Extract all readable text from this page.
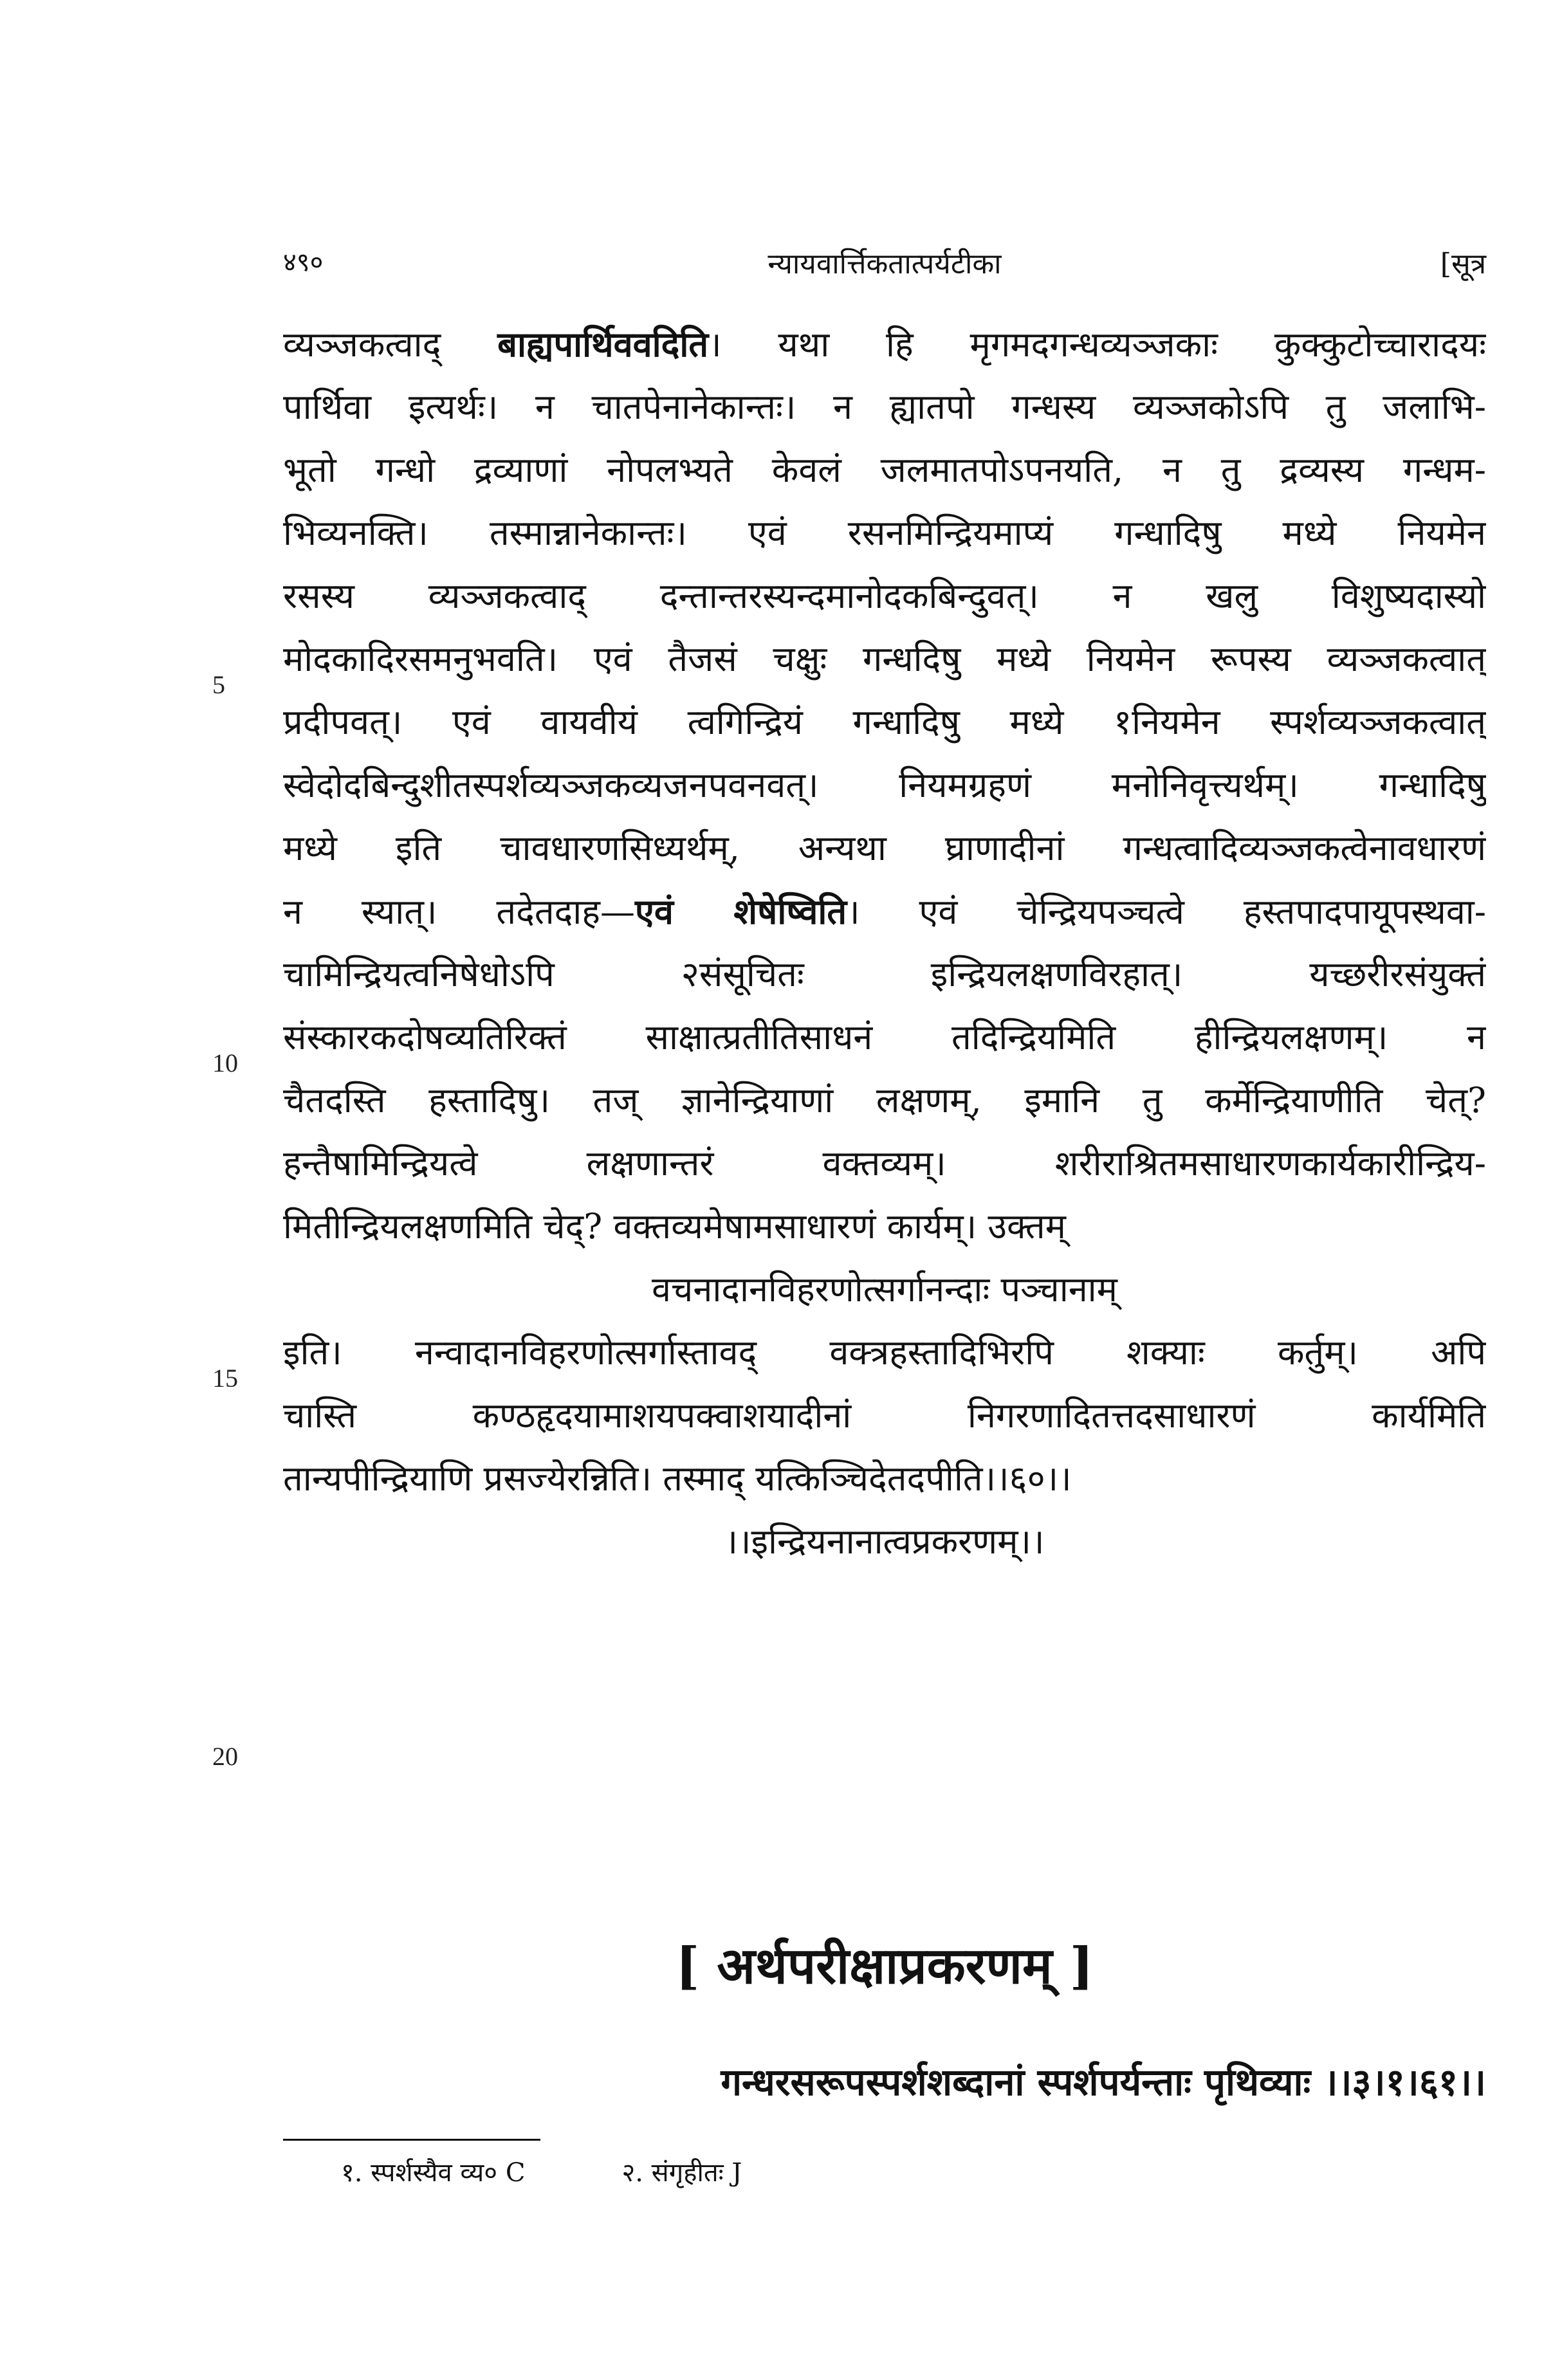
४९०	न्यायवार्त्तिकतात्पर्यटीका	[सूत्र
5
10
15
20
व्यञ्जकत्वाद् बाह्यपार्थिववदिति। यथा हि मृगमदगन्धव्यञ्जकाः कुक्कुटोच्चारादयः
पार्थिवा इत्यर्थः। न चातपेनानेकान्तः। न ह्यातपो गन्धस्य व्यञ्जकोऽपि तु जलाभि-
भूतो गन्धो द्रव्याणां नोपलभ्यते केवलं जलमातपोऽपनयति, न तु द्रव्यस्य गन्धम-
भिव्यनक्ति। तस्मान्नानेकान्तः। एवं रसनमिन्द्रियमाप्यं गन्धादिषु मध्ये नियमेन
रसस्य व्यञ्जकत्वाद् दन्तान्तरस्यन्दमानोदकबिन्दुवत्। न खलु विशुष्यदास्यो
मोदकादिरसमनुभवति। एवं तैजसं चक्षुः गन्धदिषु मध्ये नियमेन रूपस्य व्यञ्जकत्वात्
प्रदीपवत्। एवं वायवीयं त्वगिन्द्रियं गन्धादिषु मध्ये १नियमेन स्पर्शव्यञ्जकत्वात्
स्वेदोदबिन्दुशीतस्पर्शव्यञ्जकव्यजनपवनवत्। नियमग्रहणं मनोनिवृत्त्यर्थम्। गन्धादिषु
मध्ये इति चावधारणसिध्यर्थम्, अन्यथा घ्राणादीनां गन्धत्वादिव्यञ्जकत्वेनावधारणं
न स्यात्। तदेतदाह—एवं शेषेष्विति। एवं चेन्द्रियपञ्चत्वे हस्तपादपायूपस्थवा-
चामिन्द्रियत्वनिषेधोऽपि २संसूचितः इन्द्रियलक्षणविरहात्। यच्छरीरसंयुक्तं
संस्कारकदोषव्यतिरिक्तं साक्षात्प्रतीतिसाधनं तदिन्द्रियमिति हीन्द्रियलक्षणम्। न
चैतदस्ति हस्तादिषु। तज् ज्ञानेन्द्रियाणां लक्षणम्, इमानि तु कर्मेन्द्रियाणीति चेत्?
हन्तैषामिन्द्रियत्वे लक्षणान्तरं वक्तव्यम्। शरीराश्रितमसाधारणकार्यकारीन्द्रिय-
मितीन्द्रियलक्षणमिति चेद्? वक्तव्यमेषामसाधारणं कार्यम्। उक्तम्
वचनादानविहरणोत्सर्गानन्दाः पञ्चानाम्
इति। नन्वादानविहरणोत्सर्गास्तावद् वक्त्रहस्तादिभिरपि शक्याः कर्तुम्। अपि
चास्ति कण्ठहृदयामाशयपक्वाशयादीनां निगरणादितत्तदसाधारणं कार्यमिति
तान्यपीन्द्रियाणि प्रसज्येरन्निति। तस्माद् यत्किञ्चिदेतदपीति।।६०।।
।।इन्द्रियनानात्वप्रकरणम्।।
[ अर्थपरीक्षाप्रकरणम् ]
गन्धरसरूपस्पर्शशब्दानां स्पर्शपर्यन्ताः पृथिव्याः ।।३।१।६१।।
१. स्पर्शस्यैव व्य० C	२. संगृहीतः J
